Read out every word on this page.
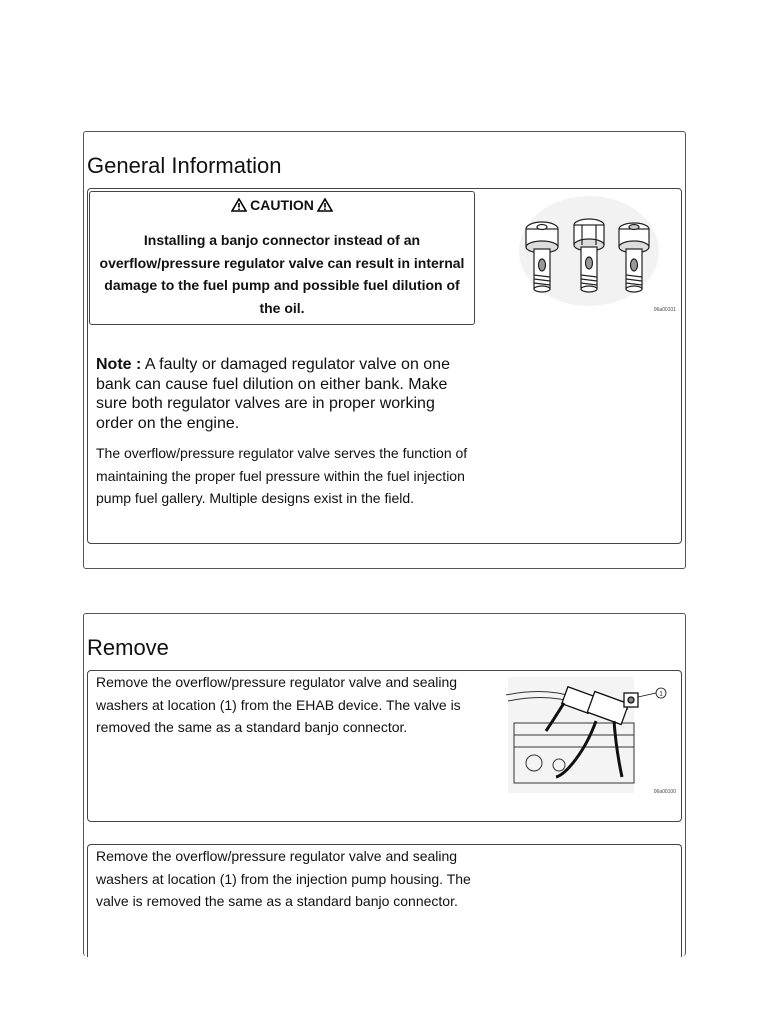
General Information
CAUTION
Installing a banjo connector instead of an overflow/pressure regulator valve can result in internal damage to the fuel pump and possible fuel dilution of the oil.	06a00101
Note : A faulty or damaged regulator valve on one bank can cause fuel dilution on either bank. Make sure both regulator valves are in proper working order on the engine.
The overflow/pressure regulator valve serves the function of maintaining the proper fuel pressure within the fuel injection pump fuel gallery. Multiple designs exist in the field.
Remove
Remove the overflow/pressure regulator valve and sealing washers at location (1) from the EHAB device. The valve is removed the same as a standard banjo connector.
1
06a00100
Remove the overflow/pressure regulator valve and sealing washers at location (1) from the injection pump housing. The valve is removed the same as a standard banjo connector.
